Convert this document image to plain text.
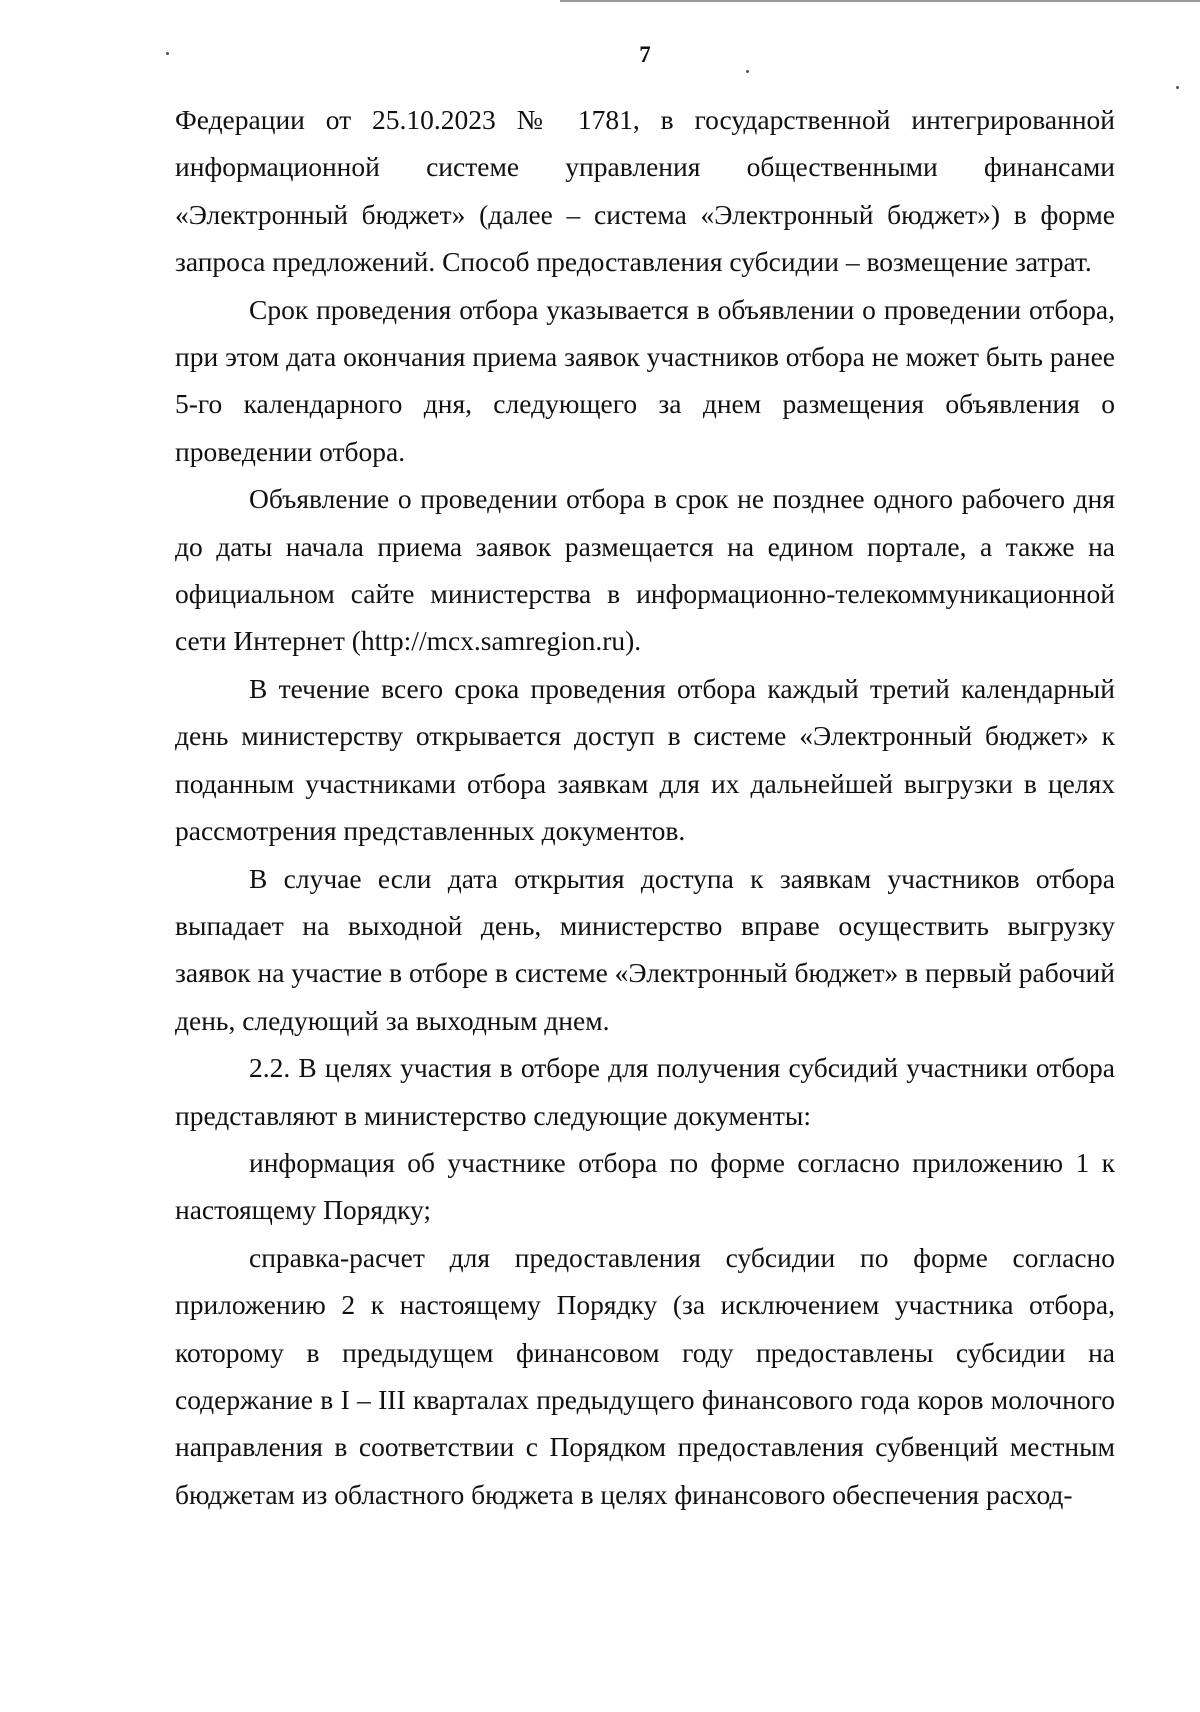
7

Федерации от 25.10.2023 № 1781, в государственной интегрированной информационной системе управления общественными финансами «Электронный бюджет» (далее – система «Электронный бюджет») в форме запроса предложений. Способ предоставления субсидии – возмещение затрат.

Срок проведения отбора указывается в объявлении о проведении отбора, при этом дата окончания приема заявок участников отбора не может быть ранее 5-го календарного дня, следующего за днем размещения объявления о проведении отбора.

Объявление о проведении отбора в срок не позднее одного рабочего дня до даты начала приема заявок размещается на едином портале, а также на официальном сайте министерства в информационно-телекоммуникационной сети Интернет (http://mcx.samregion.ru).

В течение всего срока проведения отбора каждый третий календарный день министерству открывается доступ в системе «Электронный бюджет» к поданным участниками отбора заявкам для их дальнейшей выгрузки в целях рассмотрения представленных документов.

В случае если дата открытия доступа к заявкам участников отбора выпадает на выходной день, министерство вправе осуществить выгрузку заявок на участие в отборе в системе «Электронный бюджет» в первый рабочий день, следующий за выходным днем.

2.2. В целях участия в отборе для получения субсидий участники отбора представляют в министерство следующие документы:

информация об участнике отбора по форме согласно приложению 1 к настоящему Порядку;

справка-расчет для предоставления субсидии по форме согласно приложению 2 к настоящему Порядку (за исключением участника отбора, которому в предыдущем финансовом году предоставлены субсидии на содержание в I – III кварталах предыдущего финансового года коров молочного направления в соответствии с Порядком предоставления субвенций местным бюджетам из областного бюджета в целях финансового обеспечения расход-
